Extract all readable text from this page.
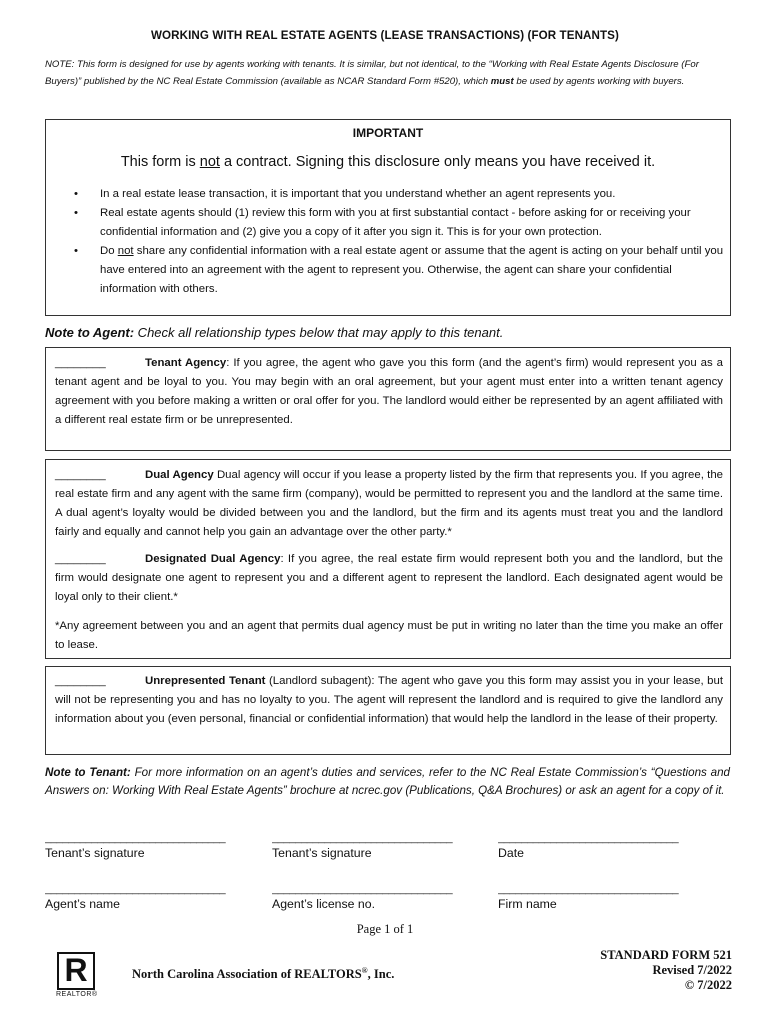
WORKING WITH REAL ESTATE AGENTS (LEASE TRANSACTIONS) (FOR TENANTS)
NOTE: This form is designed for use by agents working with tenants. It is similar, but not identical, to the “Working with Real Estate Agents Disclosure (For Buyers)” published by the NC Real Estate Commission (available as NCAR Standard Form #520), which must be used by agents working with buyers.
IMPORTANT
This form is not a contract. Signing this disclosure only means you have received it.
• In a real estate lease transaction, it is important that you understand whether an agent represents you.
• Real estate agents should (1) review this form with you at first substantial contact - before asking for or receiving your confidential information and (2) give you a copy of it after you sign it. This is for your own protection.
• Do not share any confidential information with a real estate agent or assume that the agent is acting on your behalf until you have entered into an agreement with the agent to represent you. Otherwise, the agent can share your confidential information with others.
Note to Agent: Check all relationship types below that may apply to this tenant.
________	Tenant Agency: If you agree, the agent who gave you this form (and the agent’s firm) would represent you as a tenant agent and be loyal to you. You may begin with an oral agreement, but your agent must enter into a written tenant agency agreement with you before making a written or oral offer for you. The landlord would either be represented by an agent affiliated with a different real estate firm or be unrepresented.
________	Dual Agency Dual agency will occur if you lease a property listed by the firm that represents you. If you agree, the real estate firm and any agent with the same firm (company), would be permitted to represent you and the landlord at the same time. A dual agent’s loyalty would be divided between you and the landlord, but the firm and its agents must treat you and the landlord fairly and equally and cannot help you gain an advantage over the other party.*
________	Designated Dual Agency: If you agree, the real estate firm would represent both you and the landlord, but the firm would designate one agent to represent you and a different agent to represent the landlord. Each designated agent would be loyal only to their client.*
*Any agreement between you and an agent that permits dual agency must be put in writing no later than the time you make an offer to lease.
________	Unrepresented Tenant (Landlord subagent): The agent who gave you this form may assist you in your lease, but will not be representing you and has no loyalty to you. The agent will represent the landlord and is required to give the landlord any information about you (even personal, financial or confidential information) that would help the landlord in the lease of their property.
Note to Tenant: For more information on an agent’s duties and services, refer to the NC Real Estate Commission’s “Questions and Answers on: Working With Real Estate Agents” brochure at ncrec.gov (Publications, Q&A Brochures) or ask an agent for a copy of it.
_______________________________
Tenant’s signature
_______________________________
Tenant’s signature
_______________________________
Date
_______________________________
Agent’s name
_______________________________
Agent’s license no.
_______________________________
Firm name
Page 1 of 1
R
REALTOR®
North Carolina Association of REALTORS®, Inc.
STANDARD FORM 521
Revised 7/2022
© 7/2022
